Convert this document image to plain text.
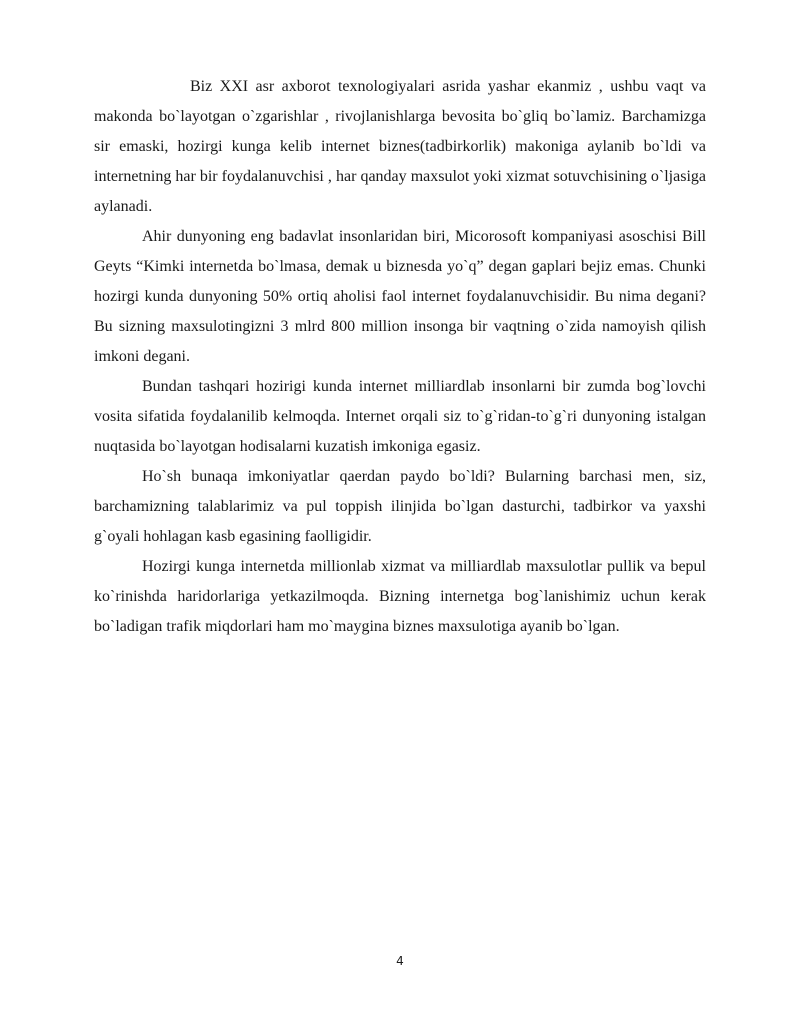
Biz XXI asr axborot texnologiyalari asrida yashar ekanmiz , ushbu vaqt va makonda bo`layotgan o`zgarishlar , rivojlanishlarga bevosita bo`gliq bo`lamiz. Barchamizga sir emaski, hozirgi kunga kelib internet biznes(tadbirkorlik) makoniga aylanib bo`ldi va internetning har bir foydalanuvchisi , har qanday maxsulot yoki xizmat sotuvchisining o`ljasiga aylanadi.

Ahir dunyoning eng badavlat insonlaridan biri, Micorosoft kompaniyasi asoschisi Bill Geyts “Kimki internetda bo`lmasa, demak u biznesda yo`q” degan gaplari bejiz emas. Chunki hozirgi kunda dunyoning 50% ortiq aholisi faol internet foydalanuvchisidir. Bu nima degani? Bu sizning maxsulotingizni 3 mlrd 800 million insonga bir vaqtning o`zida namoyish qilish imkoni degani.

Bundan tashqari hozirigi kunda internet milliardlab insonlarni bir zumda bog`lovchi vosita sifatida foydalanilib kelmoqda. Internet orqali siz to`g`ridan-to`g`ri dunyoning istalgan nuqtasida bo`layotgan hodisalarni kuzatish imkoniga egasiz.

Ho`sh bunaqa imkoniyatlar qaerdan paydo bo`ldi? Bularning barchasi men, siz, barchamizning talablarimiz va pul toppish ilinjida bo`lgan dasturchi, tadbirkor va yaxshi g`oyali hohlagan kasb egasining faolligidir.

Hozirgi kunga internetda millionlab xizmat va milliardlab maxsulotlar pullik va bepul ko`rinishda haridorlariga yetkazilmoqda. Bizning internetga bog`lanishimiz uchun kerak bo`ladigan trafik miqdorlari ham mo`maygina biznes maxsulotiga ayanib bo`lgan.

4
